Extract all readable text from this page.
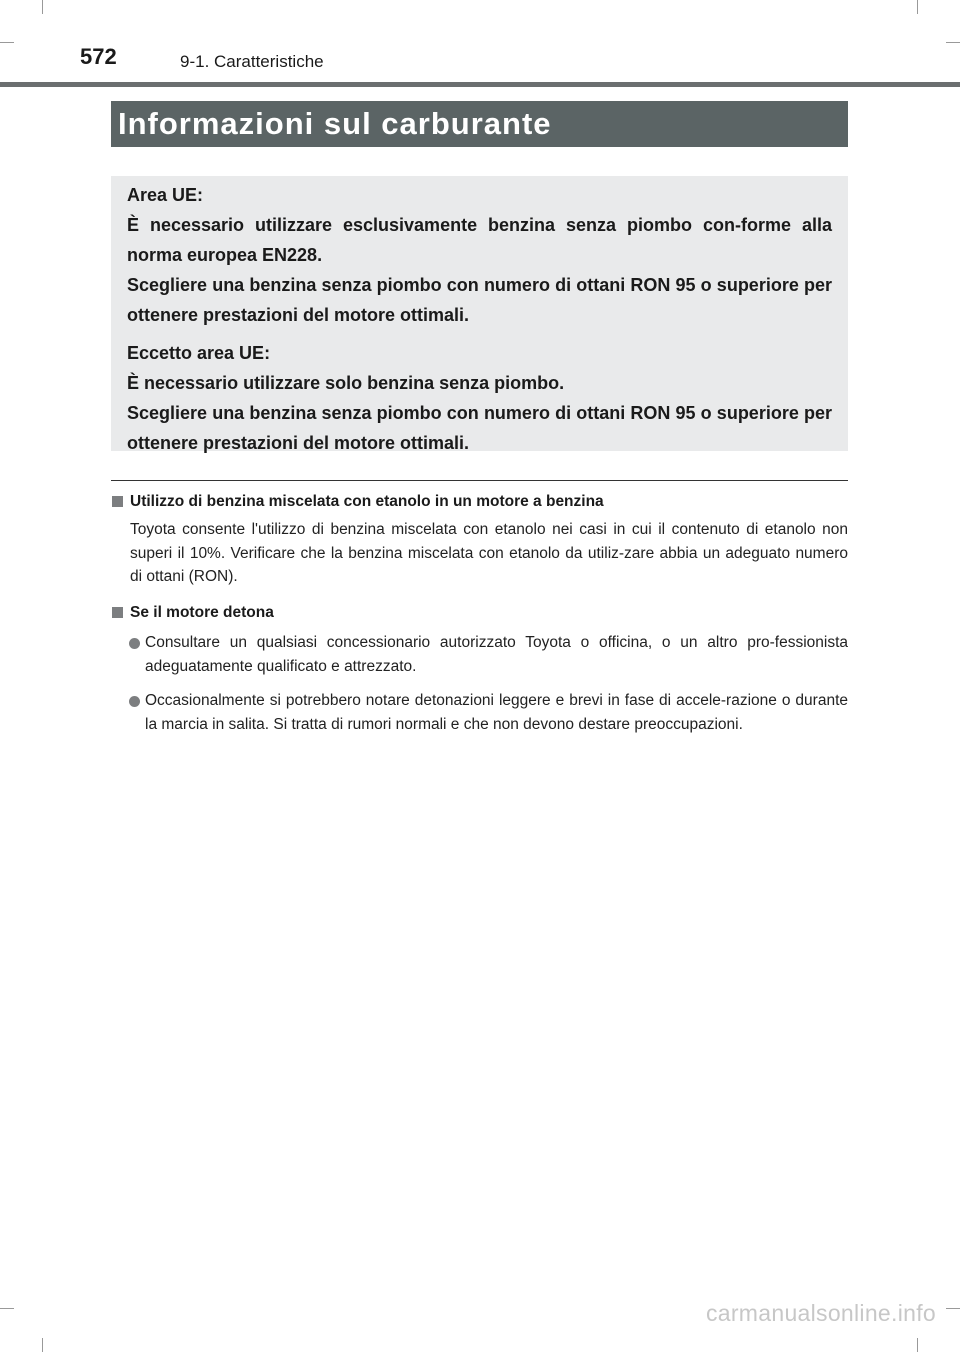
572	9-1. Caratteristiche
Informazioni sul carburante

Area UE:

È necessario utilizzare esclusivamente benzina senza piombo con-forme alla norma europea EN228.

Scegliere una benzina senza piombo con numero di ottani RON 95 o superiore per ottenere prestazioni del motore ottimali.

Eccetto area UE:

È necessario utilizzare solo benzina senza piombo.

Scegliere una benzina senza piombo con numero di ottani RON 95 o superiore per ottenere prestazioni del motore ottimali.

Utilizzo di benzina miscelata con etanolo in un motore a benzina

Toyota consente l'utilizzo di benzina miscelata con etanolo nei casi in cui il contenuto di etanolo non superi il 10%. Verificare che la benzina miscelata con etanolo da utiliz-zare abbia un adeguato numero di ottani (RON).

Se il motore detona

Consultare un qualsiasi concessionario autorizzato Toyota o officina, o un altro pro-fessionista adeguatamente qualificato e attrezzato.
Occasionalmente si potrebbero notare detonazioni leggere e brevi in fase di accele-razione o durante la marcia in salita. Si tratta di rumori normali e che non devono destare preoccupazioni.
carmanualsonline.info
